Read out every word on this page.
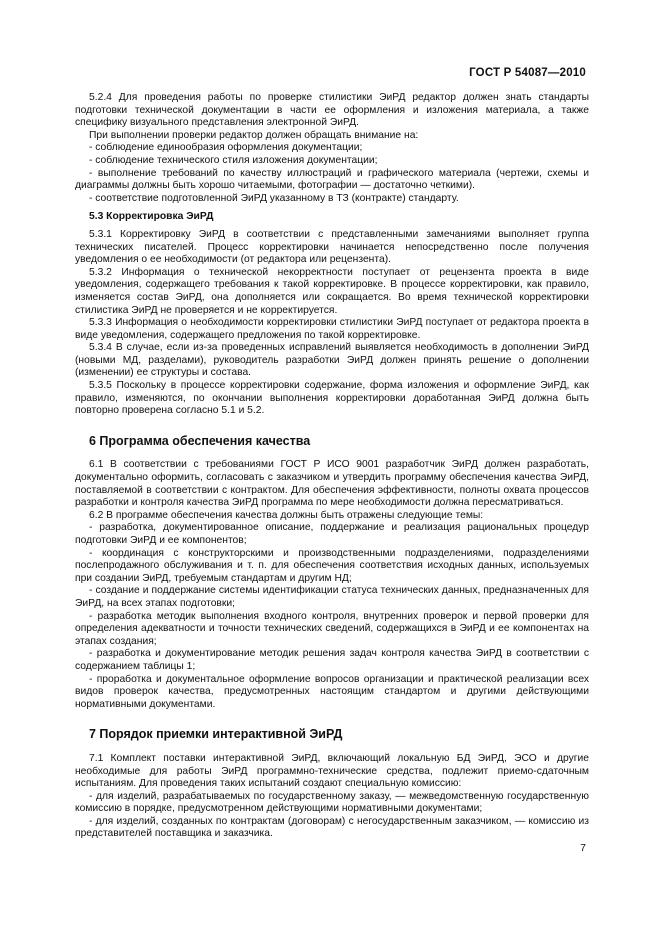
ГОСТ Р 54087—2010
5.2.4 Для проведения работы по проверке стилистики ЭиРД редактор должен знать стандарты подготовки технической документации в части ее оформления и изложения материала, а также специфику визуального представления электронной ЭиРД.
При выполнении проверки редактор должен обращать внимание на:
- соблюдение единообразия оформления документации;
- соблюдение технического стиля изложения документации;
- выполнение требований по качеству иллюстраций и графического материала (чертежи, схемы и диаграммы должны быть хорошо читаемыми, фотографии — достаточно четкими).
- соответствие подготовленной ЭиРД указанному в ТЗ (контракте) стандарту.
5.3 Корректировка ЭиРД
5.3.1 Корректировку ЭиРД в соответствии с представленными замечаниями выполняет группа технических писателей. Процесс корректировки начинается непосредственно после получения уведомления о ее необходимости (от редактора или рецензента).
5.3.2 Информация о технической некорректности поступает от рецензента проекта в виде уведомления, содержащего требования к такой корректировке. В процессе корректировки, как правило, изменяется состав ЭиРД, она дополняется или сокращается. Во время технической корректировки стилистика ЭиРД не проверяется и не корректируется.
5.3.3 Информация о необходимости корректировки стилистики ЭиРД поступает от редактора проекта в виде уведомления, содержащего предложения по такой корректировке.
5.3.4 В случае, если из-за проведенных исправлений выявляется необходимость в дополнении ЭиРД (новыми МД, разделами), руководитель разработки ЭиРД должен принять решение о дополнении (изменении) ее структуры и состава.
5.3.5 Поскольку в процессе корректировки содержание, форма изложения и оформление ЭиРД, как правило, изменяются, по окончании выполнения корректировки доработанная ЭиРД должна быть повторно проверена согласно 5.1 и 5.2.
6 Программа обеспечения качества
6.1 В соответствии с требованиями ГОСТ Р ИСО 9001 разработчик ЭиРД должен разработать, документально оформить, согласовать с заказчиком и утвердить программу обеспечения качества ЭиРД, поставляемой в соответствии с контрактом. Для обеспечения эффективности, полноты охвата процессов разработки и контроля качества ЭиРД программа по мере необходимости должна пересматриваться.
6.2 В программе обеспечения качества должны быть отражены следующие темы:
- разработка, документированное описание, поддержание и реализация рациональных процедур подготовки ЭиРД и ее компонентов;
- координация с конструкторскими и производственными подразделениями, подразделениями послепродажного обслуживания и т. п. для обеспечения соответствия исходных данных, используемых при создании ЭиРД, требуемым стандартам и другим НД;
- создание и поддержание системы идентификации статуса технических данных, предназначенных для ЭиРД, на всех этапах подготовки;
- разработка методик выполнения входного контроля, внутренних проверок и первой проверки для определения адекватности и точности технических сведений, содержащихся в ЭиРД и ее компонентах на этапах создания;
- разработка и документирование методик решения задач контроля качества ЭиРД в соответствии с содержанием таблицы 1;
- проработка и документальное оформление вопросов организации и практической реализации всех видов проверок качества, предусмотренных настоящим стандартом и другими действующими нормативными документами.
7 Порядок приемки интерактивной ЭиРД
7.1 Комплект поставки интерактивной ЭиРД, включающий локальную БД ЭиРД, ЭСО и другие необходимые для работы ЭиРД программно-технические средства, подлежит приемо-сдаточным испытаниям. Для проведения таких испытаний создают специальную комиссию:
- для изделий, разрабатываемых по государственному заказу, — межведомственную государственную комиссию в порядке, предусмотренном действующими нормативными документами;
- для изделий, созданных по контрактам (договорам) с негосударственным заказчиком, — комиссию из представителей поставщика и заказчика.
7
